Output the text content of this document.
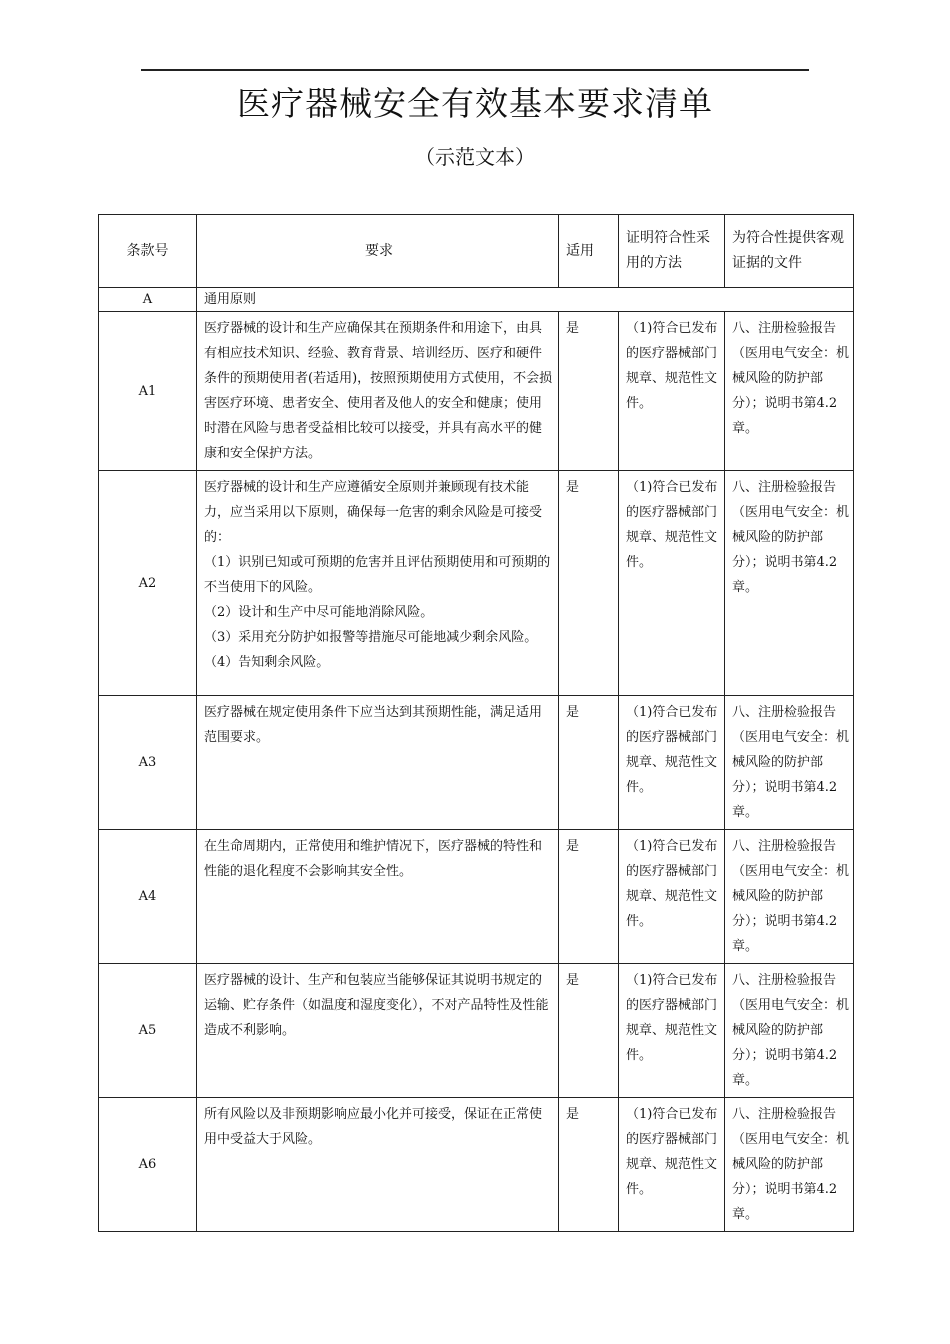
医疗器械安全有效基本要求清单
（示范文本）
条款号	要求	适用	证明符合性采用的方法	为符合性提供客观证据的文件
A	通用原则			
A1	医疗器械的设计和生产应确保其在预期条件和用途下，由具有相应技术知识、经验、教育背景、培训经历、医疗和硬件条件的预期使用者(若适用)，按照预期使用方式使用，不会损害医疗环境、患者安全、使用者及他人的安全和健康；使用时潜在风险与患者受益相比较可以接受，并具有高水平的健康和安全保护方法。	是	（1)符合已发布的医疗器械部门规章、规范性文件。	八、注册检验报告（医用电气安全：机械风险的防护部分）；说明书第4.2章。
A2	医疗器械的设计和生产应遵循安全原则并兼顾现有技术能力，应当采用以下原则，确保每一危害的剩余风险是可接受的：
（1）识别已知或可预期的危害并且评估预期使用和可预期的不当使用下的风险。
（2）设计和生产中尽可能地消除风险。
（3）采用充分防护如报警等措施尽可能地减少剩余风险。
（4）告知剩余风险。	是	（1)符合已发布的医疗器械部门规章、规范性文件。	八、注册检验报告（医用电气安全：机械风险的防护部分）；说明书第4.2章。
A3	医疗器械在规定使用条件下应当达到其预期性能，满足适用范围要求。	是	（1)符合已发布的医疗器械部门规章、规范性文件。	八、注册检验报告（医用电气安全：机械风险的防护部分）；说明书第4.2章。
A4	在生命周期内，正常使用和维护情况下，医疗器械的特性和性能的退化程度不会影响其安全性。	是	（1)符合已发布的医疗器械部门规章、规范性文件。	八、注册检验报告（医用电气安全：机械风险的防护部分）；说明书第4.2章。
A5	医疗器械的设计、生产和包装应当能够保证其说明书规定的运输、贮存条件（如温度和湿度变化），不对产品特性及性能造成不利影响。	是	（1)符合已发布的医疗器械部门规章、规范性文件。	八、注册检验报告（医用电气安全：机械风险的防护部分）；说明书第4.2章。
A6	所有风险以及非预期影响应最小化并可接受，保证在正常使用中受益大于风险。	是	（1)符合已发布的医疗器械部门规章、规范性文件。	八、注册检验报告（医用电气安全：机械风险的防护部分）；说明书第4.2章。
